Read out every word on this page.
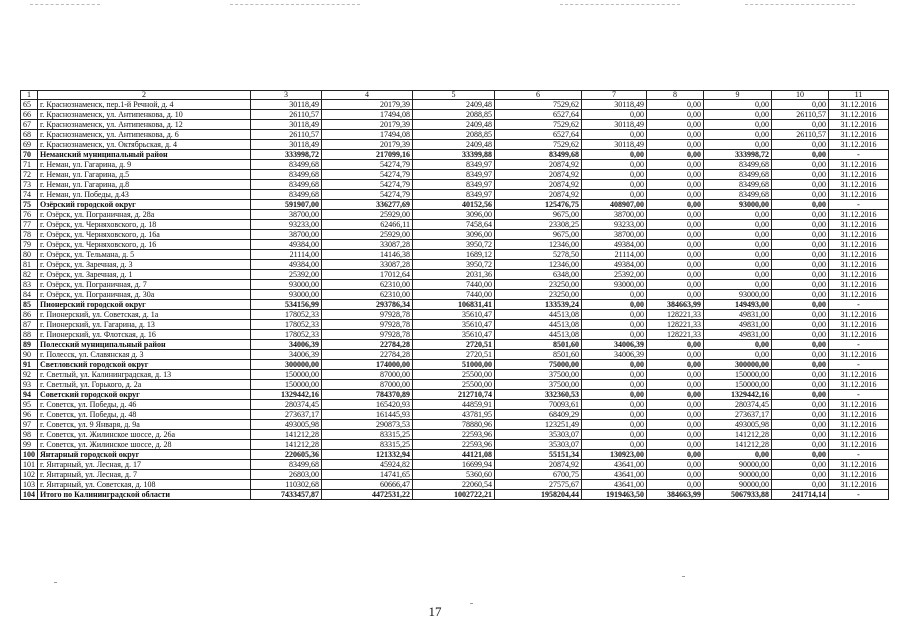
1	2	3	4	5	6	7	8	9	10	11
65	г. Краснознаменск, пер.1-й Речной, д. 4	30118,49	20179,39	2409,48	7529,62	30118,49	0,00	0,00	0,00	31.12.2016
66	г. Краснознаменск, ул. Антипенкова, д. 10	26110,57	17494,08	2088,85	6527,64	0,00	0,00	0,00	26110,57	31.12.2016
67	г. Краснознаменск, ул. Антипенкова, д. 12	30118,49	20179,39	2409,48	7529,62	30118,49	0,00	0,00	0,00	31.12.2016
68	г. Краснознаменск, ул. Антипенкова, д. 6	26110,57	17494,08	2088,85	6527,64	0,00	0,00	0,00	26110,57	31.12.2016
69	г. Краснознаменск, ул. Октябрьская, д. 4	30118,49	20179,39	2409,48	7529,62	30118,49	0,00	0,00	0,00	31.12.2016
70	Неманский муниципальный район	333998,72	217099,16	33399,88	83499,68	0,00	0,00	333998,72	0,00	-
71	г. Неман, ул. Гагарина, д. 9	83499,68	54274,79	8349,97	20874,92	0,00	0,00	83499,68	0,00	31.12.2016
72	г. Неман, ул. Гагарина, д.5	83499,68	54274,79	8349,97	20874,92	0,00	0,00	83499,68	0,00	31.12.2016
73	г. Неман, ул. Гагарина, д.8	83499,68	54274,79	8349,97	20874,92	0,00	0,00	83499,68	0,00	31.12.2016
74	г. Неман, ул. Победы, д.43	83499,68	54274,79	8349,97	20874,92	0,00	0,00	83499,68	0,00	31.12.2016
75	Озёрский городской округ	591907,00	336277,69	40152,56	125476,75	408907,00	0,00	93000,00	0,00	-
76	г. Озёрск, ул. Пограничная, д. 28а	38700,00	25929,00	3096,00	9675,00	38700,00	0,00	0,00	0,00	31.12.2016
77	г. Озёрск, ул. Черняховского, д. 18	93233,00	62466,11	7458,64	23308,25	93233,00	0,00	0,00	0,00	31.12.2016
78	г. Озёрск, ул. Черняховского, д. 16а	38700,00	25929,00	3096,00	9675,00	38700,00	0,00	0,00	0,00	31.12.2016
79	г. Озёрск, ул. Черняховского, д. 16	49384,00	33087,28	3950,72	12346,00	49384,00	0,00	0,00	0,00	31.12.2016
80	г. Озёрск, ул. Тельмана, д. 5	21114,00	14146,38	1689,12	5278,50	21114,00	0,00	0,00	0,00	31.12.2016
81	г. Озёрск, ул. Заречная, д. 3	49384,00	33087,28	3950,72	12346,00	49384,00	0,00	0,00	0,00	31.12.2016
82	г. Озёрск, ул. Заречная, д. 1	25392,00	17012,64	2031,36	6348,00	25392,00	0,00	0,00	0,00	31.12.2016
83	г. Озёрск, ул. Пограничная, д. 7	93000,00	62310,00	7440,00	23250,00	93000,00	0,00	0,00	0,00	31.12.2016
84	г. Озёрск, ул. Пограничная, д. 30а	93000,00	62310,00	7440,00	23250,00	0,00	0,00	93000,00	0,00	31.12.2016
85	Пионерский городской округ	534156,99	293786,34	106831,41	133539,24	0,00	384663,99	149493,00	0,00	-
86	г. Пионерский, ул. Советская, д. 1а	178052,33	97928,78	35610,47	44513,08	0,00	128221,33	49831,00	0,00	31.12.2016
87	г. Пионерский, ул. Гагарина, д. 13	178052,33	97928,78	35610,47	44513,08	0,00	128221,33	49831,00	0,00	31.12.2016
88	г. Пионерский, ул. Флотская, д. 16	178052,33	97928,78	35610,47	44513,08	0,00	128221,33	49831,00	0,00	31.12.2016
89	Полесский муниципальный район	34006,39	22784,28	2720,51	8501,60	34006,39	0,00	0,00	0,00	-
90	г. Полесск, ул. Славянская д. 3	34006,39	22784,28	2720,51	8501,60	34006,39	0,00	0,00	0,00	31.12.2016
91	Светловский городской округ	300000,00	174000,00	51000,00	75000,00	0,00	0,00	300000,00	0,00	-
92	г. Светлый, ул. Калининградская, д. 13	150000,00	87000,00	25500,00	37500,00	0,00	0,00	150000,00	0,00	31.12.2016
93	г. Светлый, ул. Горького, д. 2а	150000,00	87000,00	25500,00	37500,00	0,00	0,00	150000,00	0,00	31.12.2016
94	Советский городской округ	1329442,16	784370,89	212710,74	332360,53	0,00	0,00	1329442,16	0,00	-
95	г. Советск, ул. Победы, д. 46	280374,45	165420,93	44859,91	70093,61	0,00	0,00	280374,45	0,00	31.12.2016
96	г. Советск, ул. Победы, д. 48	273637,17	161445,93	43781,95	68409,29	0,00	0,00	273637,17	0,00	31.12.2016
97	г. Советск, ул. 9 Января, д. 9а	493005,98	290873,53	78880,96	123251,49	0,00	0,00	493005,98	0,00	31.12.2016
98	г. Советск, ул. Жилинское шоссе, д. 26а	141212,28	83315,25	22593,96	35303,07	0,00	0,00	141212,28	0,00	31.12.2016
99	г. Советск, ул. Жилинское шоссе, д. 28	141212,28	83315,25	22593,96	35303,07	0,00	0,00	141212,28	0,00	31.12.2016
100	Янтарный городской округ	220605,36	121332,94	44121,08	55151,34	130923,00	0,00	0,00	0,00	-
101	г. Янтарный, ул. Лесная, д. 17	83499,68	45924,82	16699,94	20874,92	43641,00	0,00	90000,00	0,00	31.12.2016
102	г. Янтарный, ул. Лесная, д. 7	26803,00	14741,65	5360,60	6700,75	43641,00	0,00	90000,00	0,00	31.12.2016
103	г. Янтарный, ул. Советская, д. 108	110302,68	60666,47	22060,54	27575,67	43641,00	0,00	90000,00	0,00	31.12.2016
104	Итого по Калининградской области	7433457,87	4472531,22	1002722,21	1958204,44	1919463,50	384663,99	5067933,88	241714,14	-
17
